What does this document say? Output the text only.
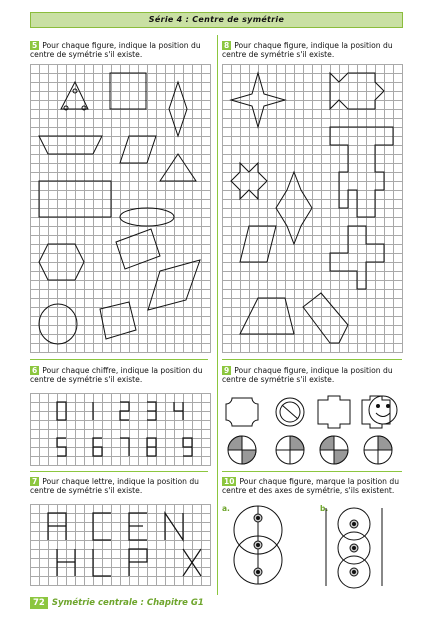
Série 4 : Centre de symétrie
5 Pour chaque figure, indique la position du centre de symétrie s'il existe.
8 Pour chaque figure, indique la position du centre de symétrie s'il existe.
6 Pour chaque chiffre, indique la position du centre de symétrie s'il existe.
9 Pour chaque figure, indique la position du centre de symétrie s'il existe.
7 Pour chaque lettre, indique la position du centre de symétrie s'il existe.
10 Pour chaque figure, marque la position du centre et des axes de symétrie, s'ils existent.
a.	b.
72 Symétrie centrale : Chapitre G1
